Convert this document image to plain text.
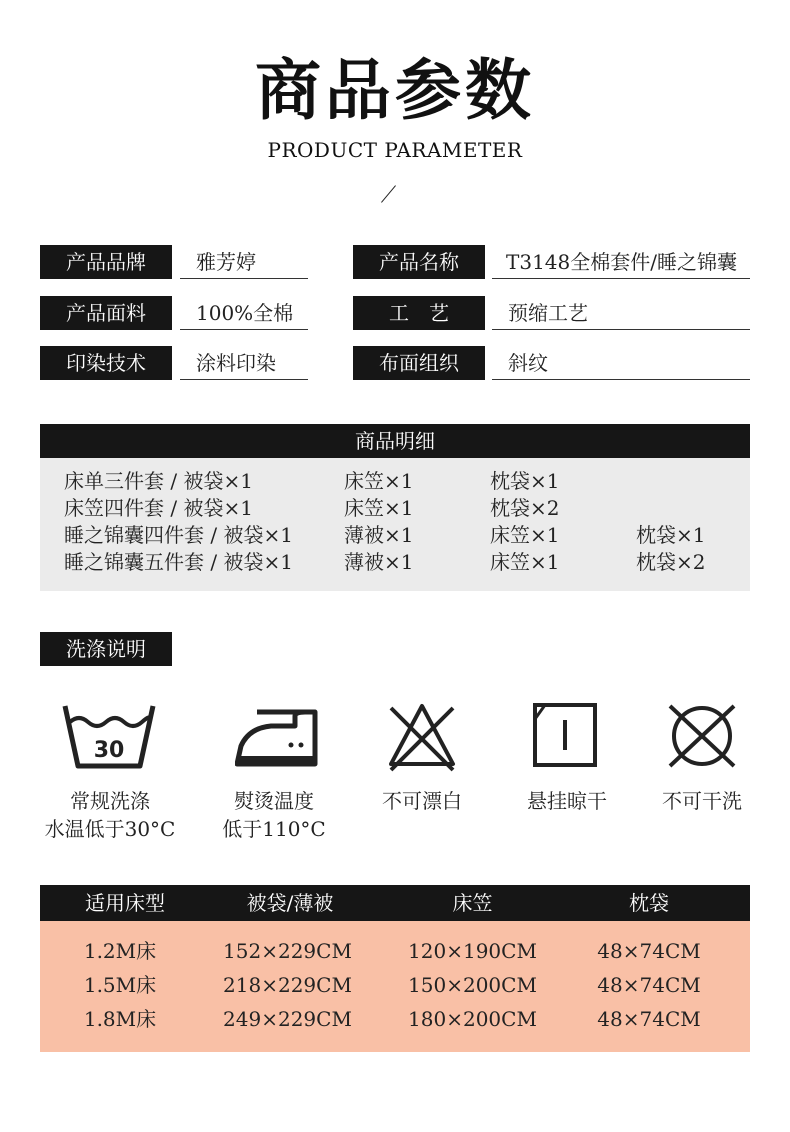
商品参数
PRODUCT PARAMETER
产品品牌	雅芳婷	产品名称	T3148全棉套件/睡之锦囊
产品面料	100%全棉	工　艺	预缩工艺
印染技术	涂料印染	布面组织	斜纹
商品明细
床单三件套 / 被袋×1	床笠×1	枕袋×1
床笠四件套 / 被袋×1	床笠×1	枕袋×2
睡之锦囊四件套 / 被袋×1	薄被×1	床笠×1	枕袋×1
睡之锦囊五件套 / 被袋×1	薄被×1	床笠×1	枕袋×2
洗涤说明
30
常规洗涤
水温低于30°C
熨烫温度
低于110°C
不可漂白	悬挂晾干	不可干洗
适用床型	被袋/薄被	床笠	枕袋
1.2M床	152×229CM	120×190CM	48×74CM
1.5M床	218×229CM	150×200CM	48×74CM
1.8M床	249×229CM	180×200CM	48×74CM
